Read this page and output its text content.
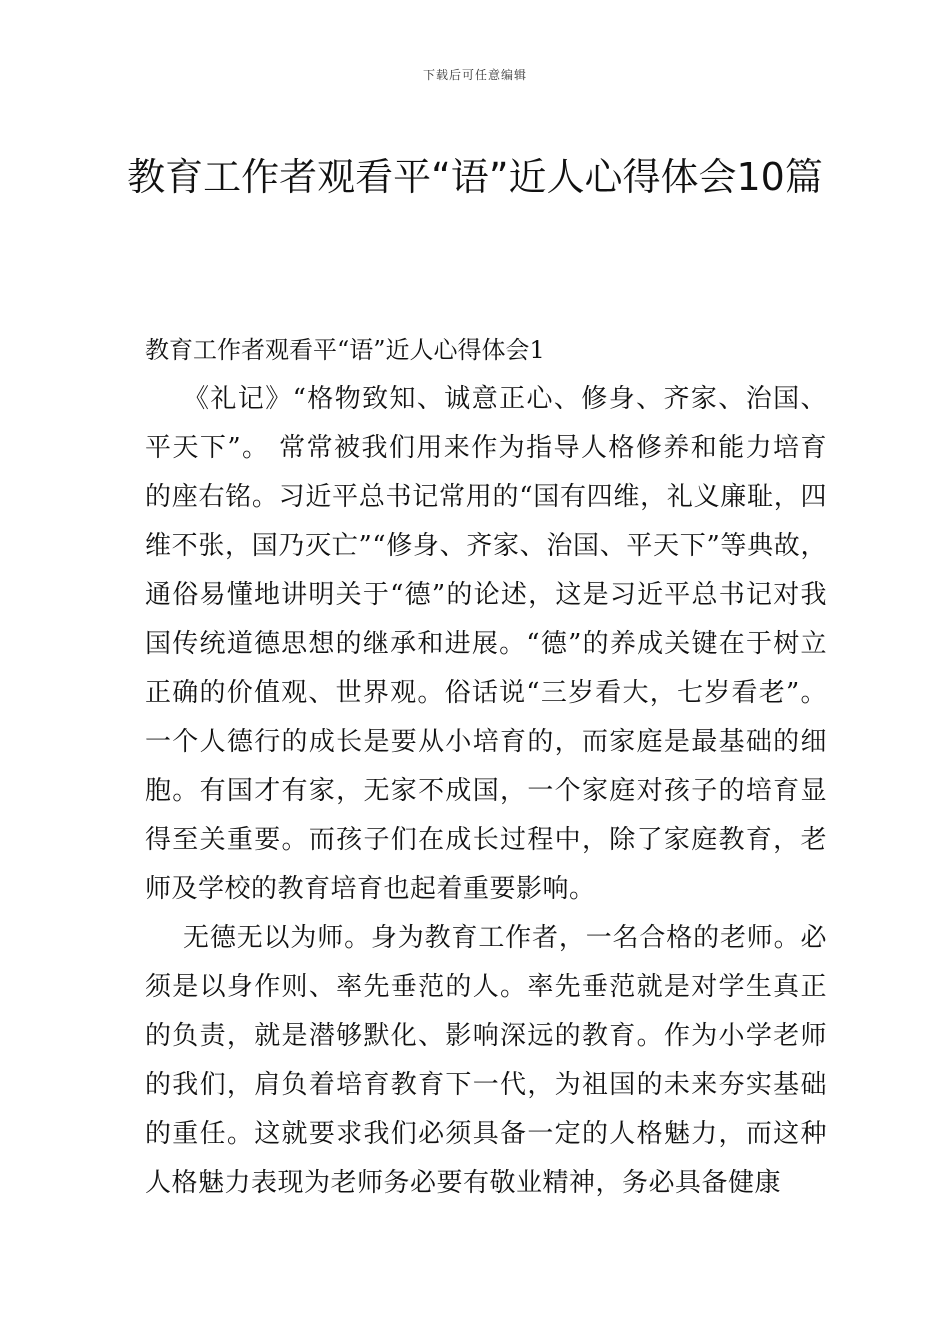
下载后可任意编辑
教育工作者观看平“语”近人心得体会10篇
教育工作者观看平“语”近人心得体会1

《礼记》“格物致知、诚意正心、修身、齐家、治国、平天下”。 常常被我们用来作为指导人格修养和能力培育的座右铭。习近平总书记常用的“国有四维，礼义廉耻，四维不张，国乃灭亡”“修身、齐家、治国、平天下”等典故，通俗易懂地讲明关于“德”的论述，这是习近平总书记对我国传统道德思想的继承和进展。“德”的养成关键在于树立正确的价值观、世界观。俗话说“三岁看大，七岁看老”。一个人德行的成长是要从小培育的，而家庭是最基础的细胞。有国才有家，无家不成国，一个家庭对孩子的培育显得至关重要。而孩子们在成长过程中，除了家庭教育，老师及学校的教育培育也起着重要影响。

无德无以为师。身为教育工作者，一名合格的老师。必须是以身作则、率先垂范的人。率先垂范就是对学生真正的负责，就是潜够默化、影响深远的教育。作为小学老师的我们，肩负着培育教育下一代，为祖国的未来夯实基础的重任。这就要求我们必须具备一定的人格魅力，而这种人格魅力表现为老师务必要有敬业精神，务必具备健康
